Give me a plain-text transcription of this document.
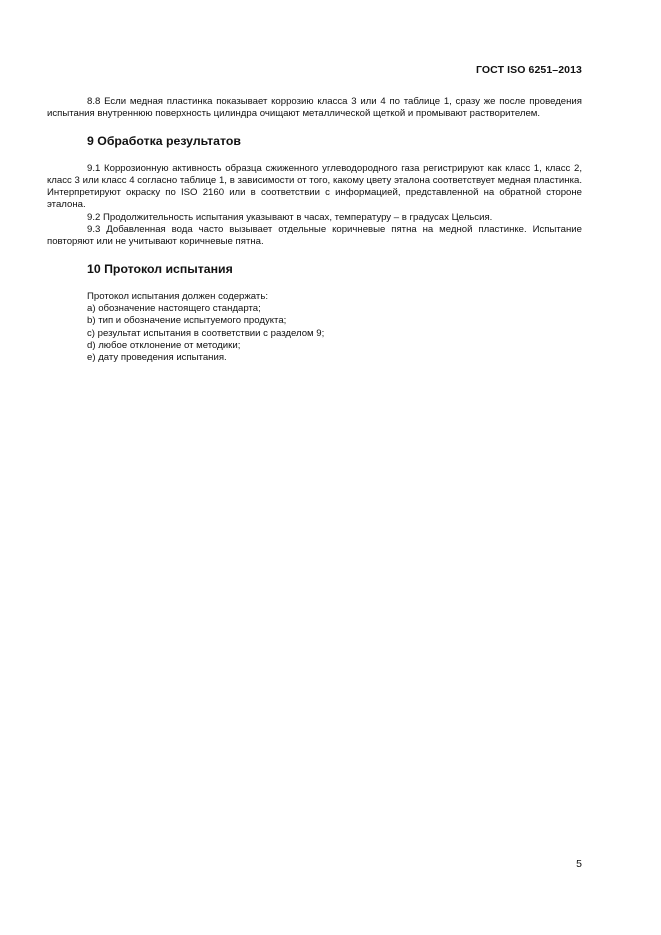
ГОСТ ISO 6251–2013

8.8 Если медная пластинка показывает коррозию класса 3 или 4 по таблице 1, сразу же после проведения испытания внутреннюю поверхность цилиндра очищают металлической щеткой и промывают растворителем.

9 Обработка результатов

9.1 Коррозионную активность образца сжиженного углеводородного газа регистрируют как класс 1, класс 2, класс 3 или класс 4 согласно таблице 1, в зависимости от того, какому цвету эталона соответствует медная пластинка. Интерпретируют окраску по ISO 2160 или в соответствии с информацией, представленной на обратной стороне эталона.

9.2 Продолжительность испытания указывают в часах, температуру – в градусах Цельсия.

9.3 Добавленная вода часто вызывает отдельные коричневые пятна на медной пластинке. Испытание повторяют или не учитывают коричневые пятна.

10 Протокол испытания
Протокол испытания должен содержать:
a) обозначение настоящего стандарта;
b) тип и обозначение испытуемого продукта;
c) результат испытания в соответствии с разделом 9;
d) любое отклонение от методики;
e) дату проведения испытания.
5
